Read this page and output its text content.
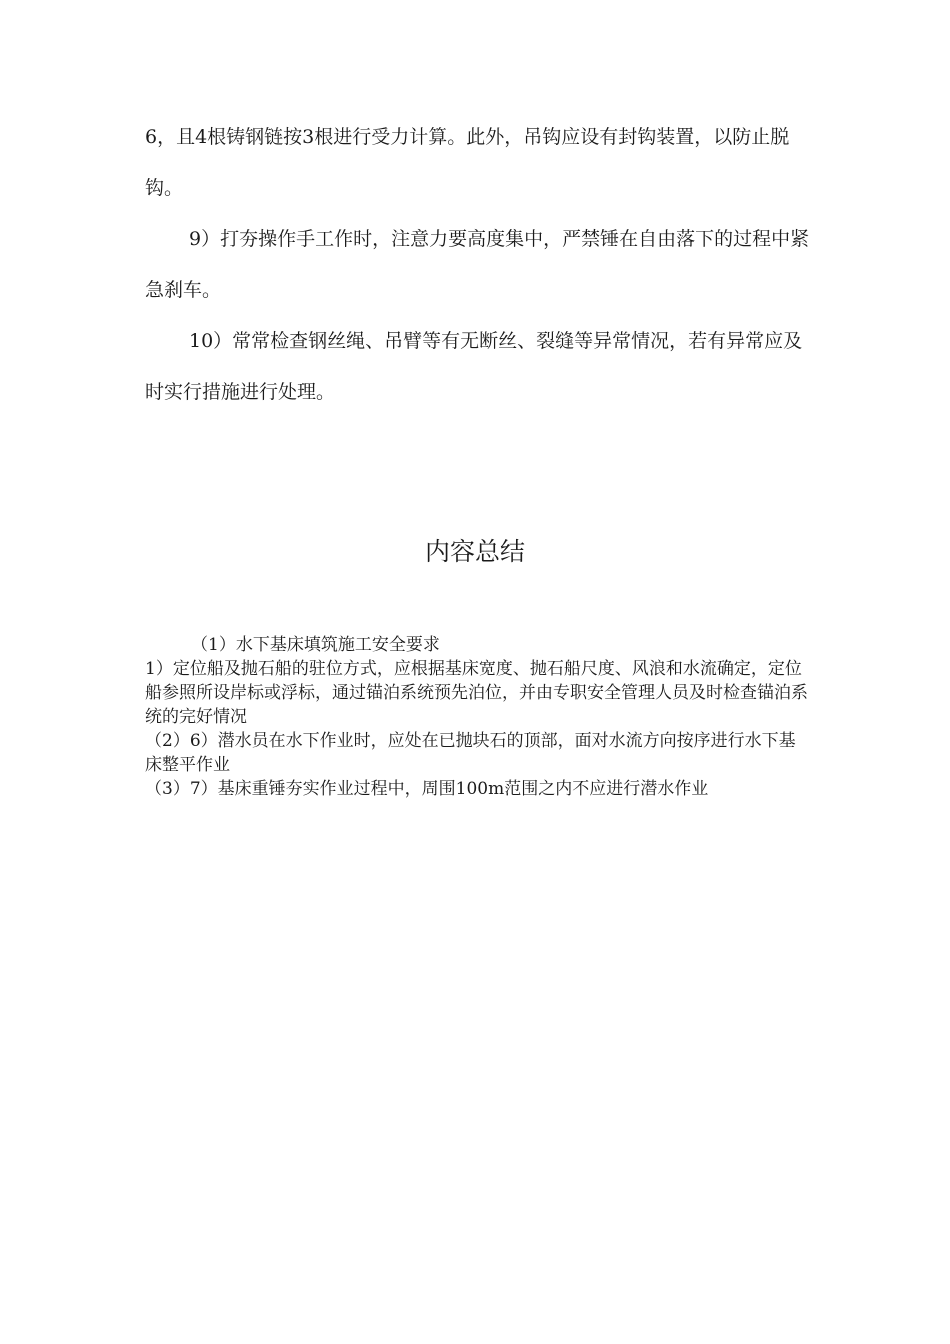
6，且4根铸钢链按3根进行受力计算。此外，吊钩应设有封钩装置，以防止脱钩。

9）打夯操作手工作时，注意力要高度集中，严禁锤在自由落下的过程中紧急刹车。

10）常常检查钢丝绳、吊臂等有无断丝、裂缝等异常情况，若有异常应及时实行措施进行处理。

内容总结

（1）水下基床填筑施工安全要求

1）定位船及抛石船的驻位方式，应根据基床宽度、抛石船尺度、风浪和水流确定，定位船参照所设岸标或浮标，通过锚泊系统预先泊位，并由专职安全管理人员及时检查锚泊系统的完好情况

（2）6）潜水员在水下作业时，应处在已抛块石的顶部，面对水流方向按序进行水下基床整平作业

（3）7）基床重锤夯实作业过程中，周围100m范围之内不应进行潜水作业
